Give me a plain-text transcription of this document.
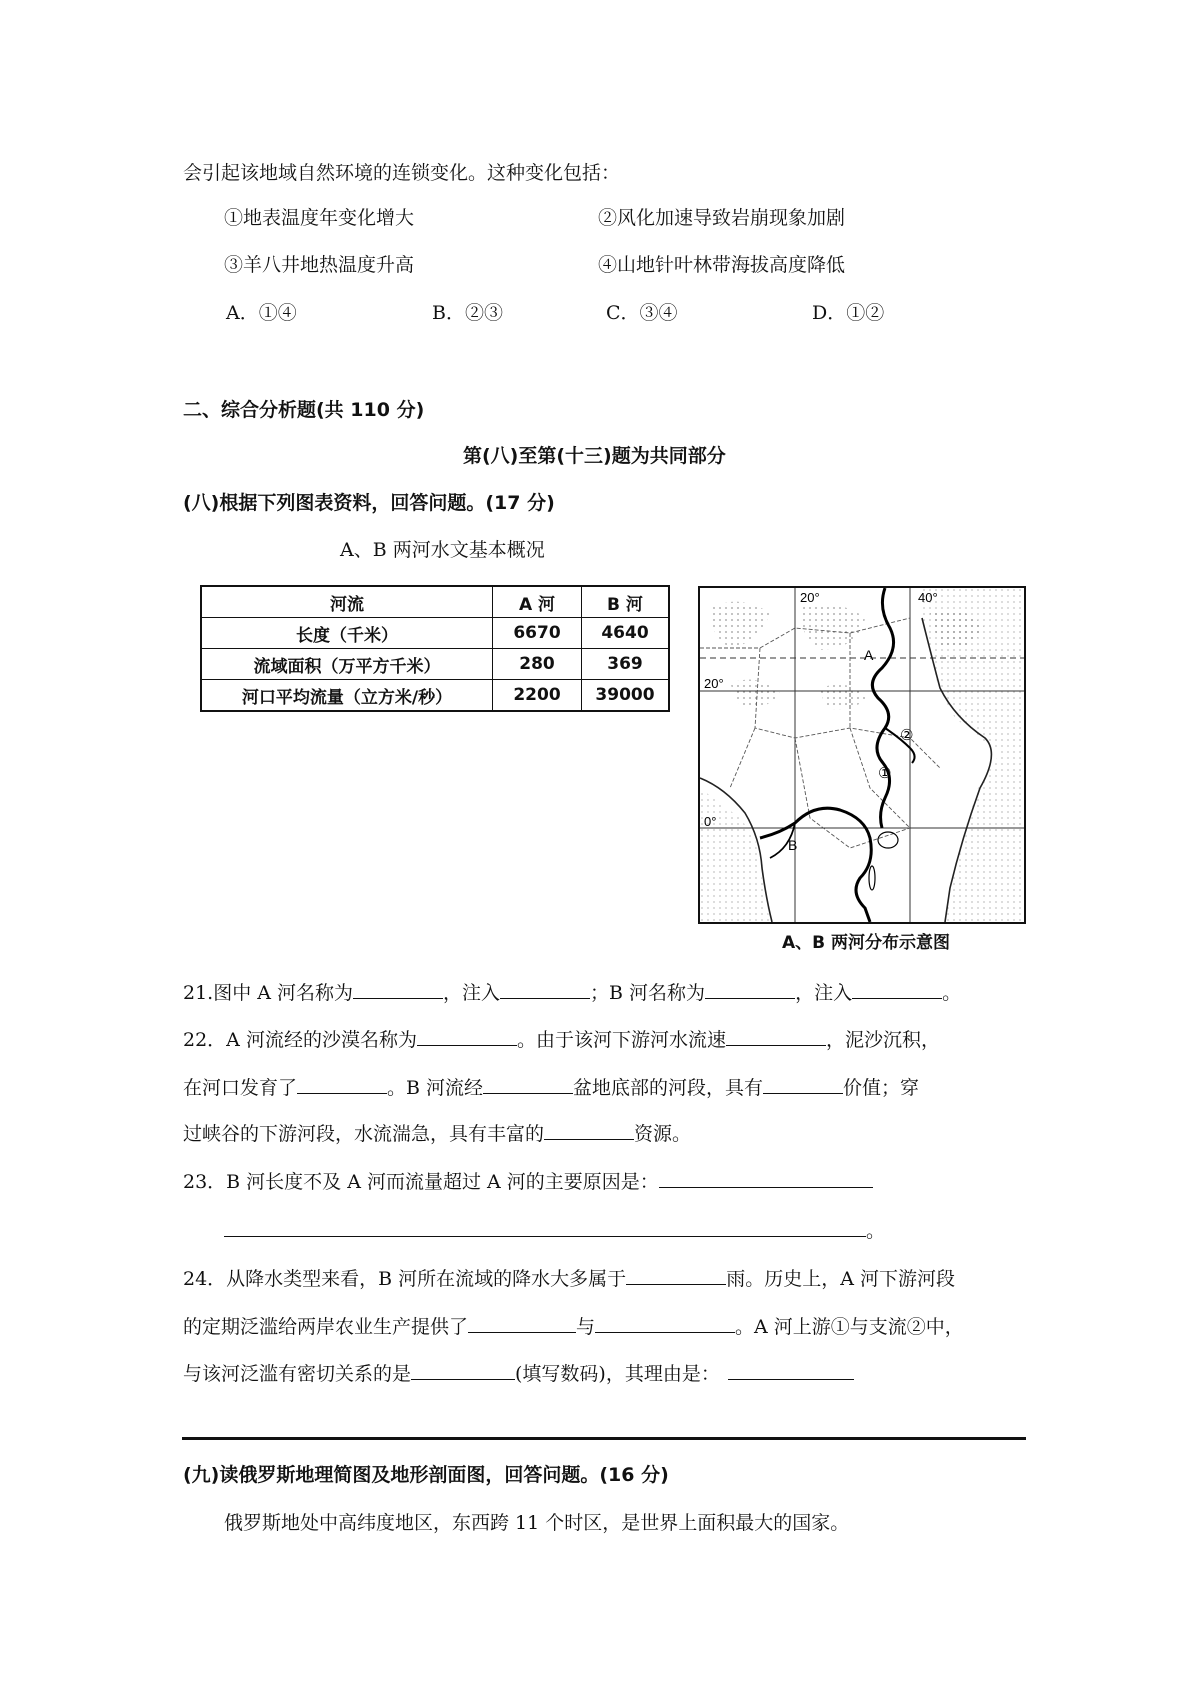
会引起该地域自然环境的连锁变化。这种变化包括：
①地表温度年变化增大	②风化加速导致岩崩现象加剧
③羊八井地热温度升高	④山地针叶林带海拔高度降低
A．①④	B．②③	C．③④	D．①②
二、综合分析题(共 110 分)
第(八)至第(十三)题为共同部分
(八)根据下列图表资料，回答问题。(17 分)
A、B 两河水文基本概况
河流	A 河	B 河
长度（千米）	6670	4640
流域面积（万平方千米）	280	369
河口平均流量（立方米/秒）	2200	39000
20°	40°
20°
0°
A
B
②
①
A、B 两河分布示意图
21.图中 A 河名称为	，注入	；B 河名称为	，注入	。
22．A 河流经的沙漠名称为	。由于该河下游河水流速	，泥沙沉积，
在河口发育了	。B 河流经	盆地底部的河段，具有	价值；穿
过峡谷的下游河段，水流湍急，具有丰富的	资源。
23．B 河长度不及 A 河而流量超过 A 河的主要原因是：
。
24．从降水类型来看，B 河所在流域的降水大多属于	雨。历史上，A 河下游河段
的定期泛滥给两岸农业生产提供了	与	。A 河上游①与支流②中，
与该河泛滥有密切关系的是	(填写数码)，其理由是：
(九)读俄罗斯地理简图及地形剖面图，回答问题。(16 分)
俄罗斯地处中高纬度地区，东西跨 11 个时区，是世界上面积最大的国家。
